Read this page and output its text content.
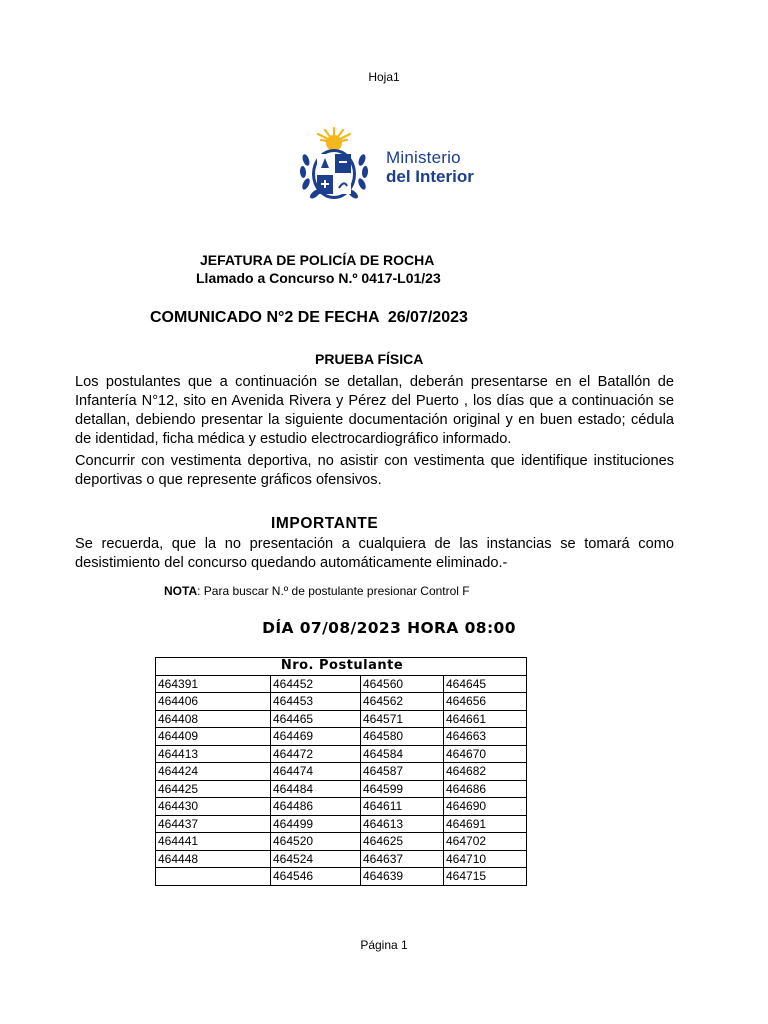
Hoja1
Ministerio
del Interior
JEFATURA DE POLICÍA DE ROCHA
Llamado a Concurso N.º 0417-L01/23
COMUNICADO N°2 DE FECHA  26/07/2023
PRUEBA FÍSICA
Los postulantes que a continuación se detallan, deberán presentarse en el Batallón de Infantería N°12, sito en Avenida Rivera y Pérez del Puerto , los días que a continuación se detallan, debiendo presentar la siguiente documentación original y en buen estado; cédula de identidad, ficha médica y estudio electrocardiográfico informado.
Concurrir con vestimenta deportiva, no asistir con vestimenta que identifique instituciones deportivas o que represente gráficos ofensivos.
IMPORTANTE
Se recuerda, que la no presentación a cualquiera de las instancias se tomará como desistimiento del concurso quedando automáticamente eliminado.-
NOTA: Para buscar N.º de postulante presionar Control F
DÍA 07/08/2023 HORA 08:00
Nro. Postulante			
464391	464452	464560	464645
464406	464453	464562	464656
464408	464465	464571	464661
464409	464469	464580	464663
464413	464472	464584	464670
464424	464474	464587	464682
464425	464484	464599	464686
464430	464486	464611	464690
464437	464499	464613	464691
464441	464520	464625	464702
464448	464524	464637	464710
	464546	464639	464715
Página 1
